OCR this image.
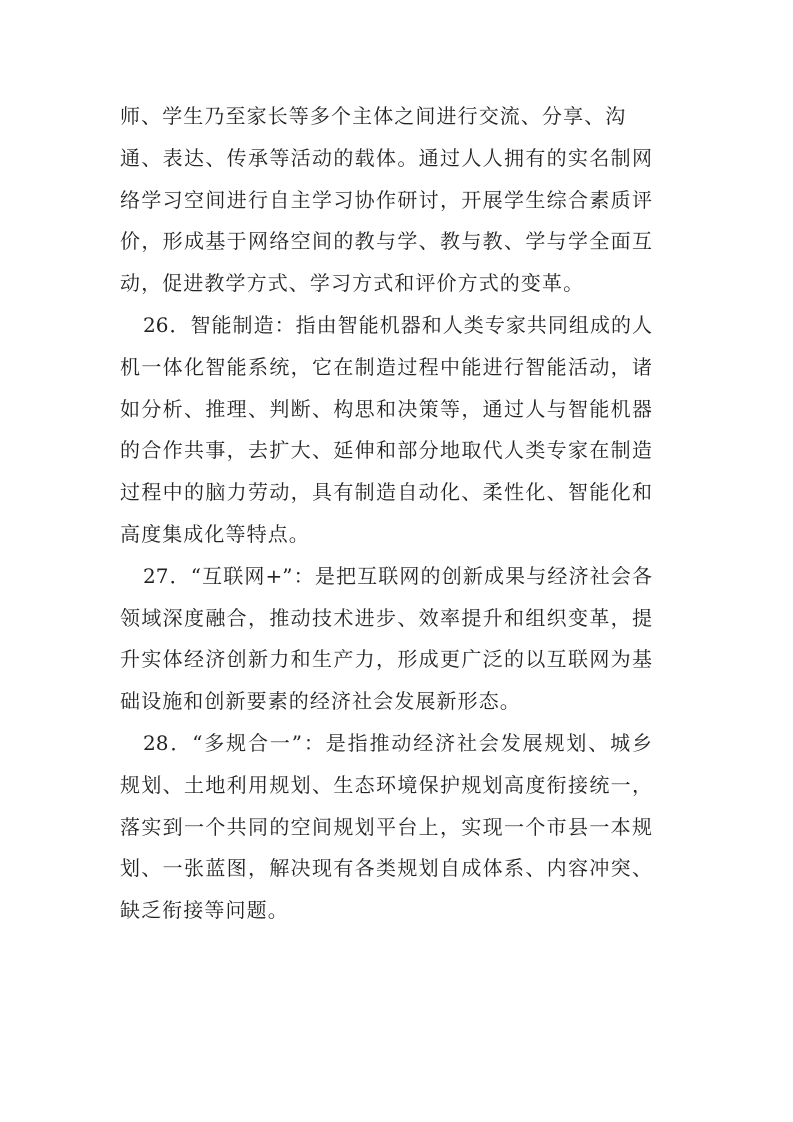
师、学生乃至家长等多个主体之间进行交流、分享、沟
通、表达、传承等活动的载体。通过人人拥有的实名制网
络学习空间进行自主学习协作研讨，开展学生综合素质评
价，形成基于网络空间的教与学、教与教、学与学全面互
动，促进教学方式、学习方式和评价方式的变革。
26．智能制造：指由智能机器和人类专家共同组成的人
机一体化智能系统，它在制造过程中能进行智能活动，诸
如分析、推理、判断、构思和决策等，通过人与智能机器
的合作共事，去扩大、延伸和部分地取代人类专家在制造
过程中的脑力劳动，具有制造自动化、柔性化、智能化和
高度集成化等特点。
27．“互联网+”：是把互联网的创新成果与经济社会各
领域深度融合，推动技术进步、效率提升和组织变革，提
升实体经济创新力和生产力，形成更广泛的以互联网为基
础设施和创新要素的经济社会发展新形态。
28．“多规合一”：是指推动经济社会发展规划、城乡
规划、土地利用规划、生态环境保护规划高度衔接统一，
落实到一个共同的空间规划平台上，实现一个市县一本规
划、一张蓝图，解决现有各类规划自成体系、内容冲突、
缺乏衔接等问题。
